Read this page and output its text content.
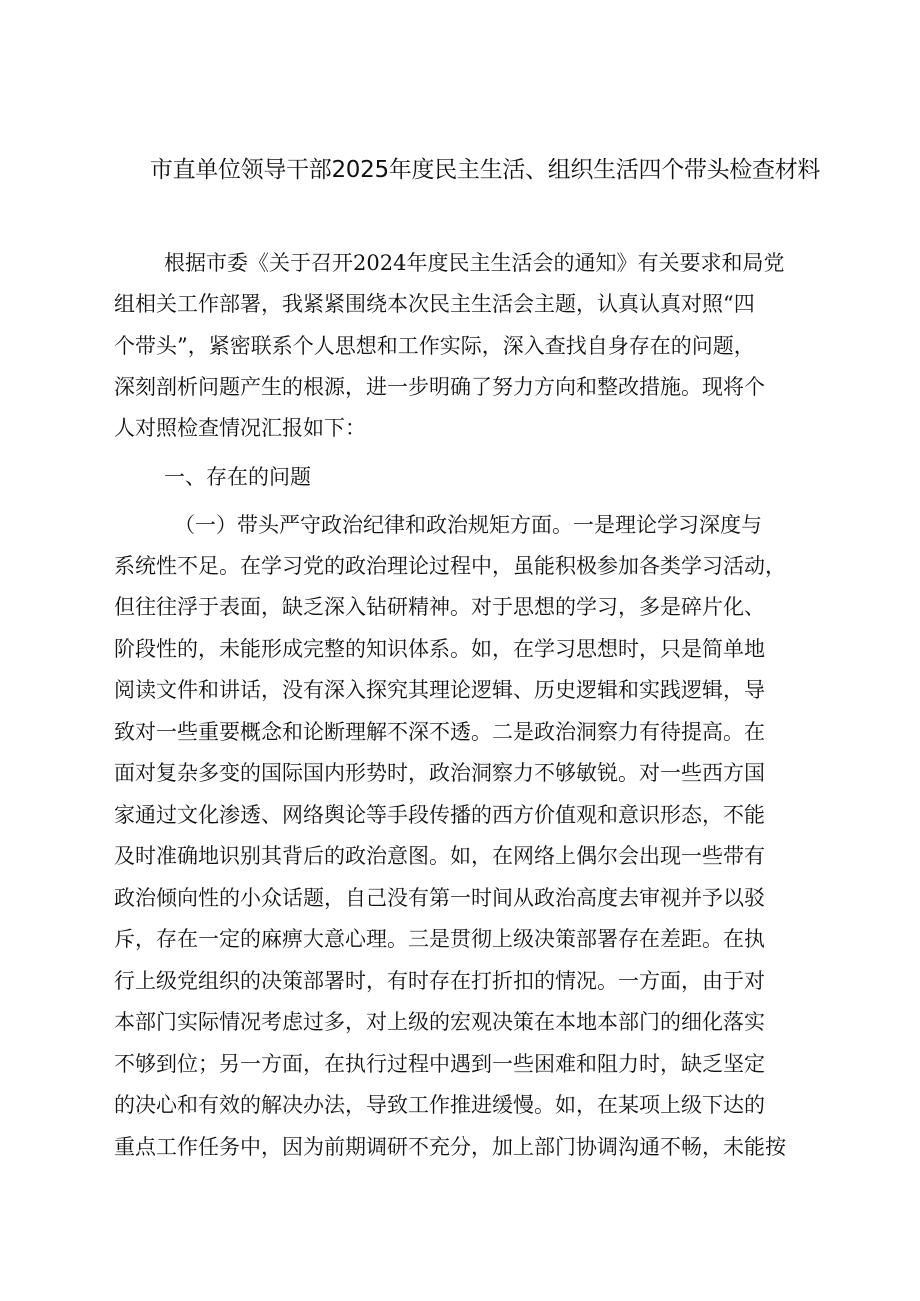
市直单位领导干部2025年度民主生活、组织生活四个带头检查材料
根据市委《关于召开2024年度民主生活会的通知》有关要求和局党
组相关工作部署，我紧紧围绕本次民主生活会主题，认真认真对照“四
个带头”，紧密联系个人思想和工作实际，深入查找自身存在的问题，
深刻剖析问题产生的根源，进一步明确了努力方向和整改措施。现将个
人对照检查情况汇报如下：
一、存在的问题
（一）带头严守政治纪律和政治规矩方面。一是理论学习深度与
系统性不足。在学习党的政治理论过程中，虽能积极参加各类学习活动，
但往往浮于表面，缺乏深入钻研精神。对于思想的学习，多是碎片化、
阶段性的，未能形成完整的知识体系。如，在学习思想时，只是简单地
阅读文件和讲话，没有深入探究其理论逻辑、历史逻辑和实践逻辑，导
致对一些重要概念和论断理解不深不透。二是政治洞察力有待提高。在
面对复杂多变的国际国内形势时，政治洞察力不够敏锐。对一些西方国
家通过文化渗透、网络舆论等手段传播的西方价值观和意识形态，不能
及时准确地识别其背后的政治意图。如，在网络上偶尔会出现一些带有
政治倾向性的小众话题，自己没有第一时间从政治高度去审视并予以驳
斥，存在一定的麻痹大意心理。三是贯彻上级决策部署存在差距。在执
行上级党组织的决策部署时，有时存在打折扣的情况。一方面，由于对
本部门实际情况考虑过多，对上级的宏观决策在本地本部门的细化落实
不够到位；另一方面，在执行过程中遇到一些困难和阻力时，缺乏坚定
的决心和有效的解决办法，导致工作推进缓慢。如，在某项上级下达的
重点工作任务中，因为前期调研不充分，加上部门协调沟通不畅，未能按
